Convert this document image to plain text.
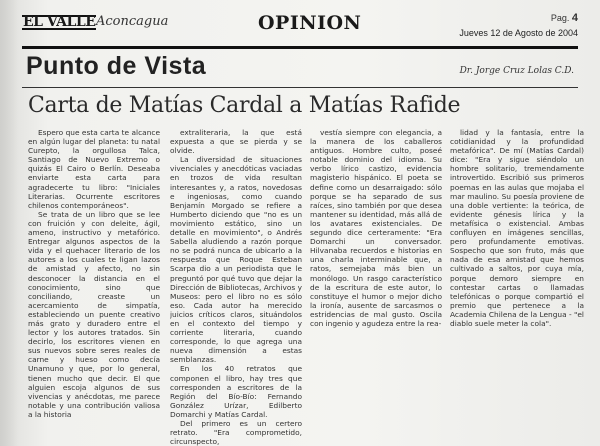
EL VALLE Aconcagua	OPINION	Pag. 4
Jueves 12 de Agosto de 2004
Punto de Vista	Dr. Jorge Cruz Lolas C.D.
Carta de Matías Cardal a Matías Rafide

Espero que esta carta te alcance en algún lugar del planeta: tu natal Curepto, la orgullosa Talca, Santiago de Nuevo Extremo o quizás El Cairo o Berlín. Deseaba enviarte esta carta para agradecerte tu libro: "Iniciales Literarias. Ocurrente escritores chilenos contemporáneos".

Se trata de un libro que se lee con fruición y con deleite, ágil, ameno, instructivo y metafórico. Entregar algunos aspectos de la vida y el quehacer literario de los autores a los cuales te ligan lazos de amistad y afecto, no sin desconocer la distancia en el conocimiento, sino que conciliando, creaste un acercamiento de simpatía, estableciendo un puente creativo más grato y duradero entre el lector y los autores tratados. Sin decirlo, los escritores vienen en sus nuevos sobre seres reales de carne y hueso como decía Unamuno y que, por lo general, tienen mucho que decir. El que alguien escoja algunos de sus vivencias y anécdotas, me parece notable y una contribución valiosa a la historia

extraliteraria, la que está expuesta a que se pierda y se olvide.

La diversidad de situaciones vivenciales y anecdóticas vaciadas en trozos de vida resultan interesantes y, a ratos, novedosas e ingeniosas, como cuando Benjamín Morgado se refiere a Humberto diciendo que "no es un movimiento estático, sino un detalle en movimiento", o Andrés Sabella aludiendo a razón porque no se podrá nunca de ubicarlo a la respuesta que Roque Esteban Scarpa dio a un periodista que le preguntó por qué tuvo que dejar la Dirección de Bibliotecas, Archivos y Museos: pero el libro no es sólo eso. Cada autor ha merecido juicios críticos claros, situándolos en el contexto del tiempo y corriente literaria, cuando corresponde, lo que agrega una nueva dimensión a estas semblanzas.

En los 40 retratos que componen el libro, hay tres que corresponden a escritores de la Región del Bío-Bío: Fernando González Urízar, Edilberto Domarchi y Matías Cardal.

Del primero es un certero retrato. "Era comprometido, circunspecto,

vestía siempre con elegancia, a la manera de los caballeros antiguos. Hombre culto, poseé notable dominio del idioma. Su verbo lírico castizo, evidencia magisterio hispánico. El poeta se define como un desarraigado: sólo porque se ha separado de sus raíces, sino también por que desea mantener su identidad, más allá de los avatares existenciales. De segundo dice certeramente: "Era Domarchi un conversador. Hilvanaba recuerdos e historias en una charla interminable que, a ratos, semejaba más bien un monólogo. Un rasgo característico de la escritura de este autor, lo constituye el humor o mejor dicho la ironía, ausente de sarcasmos o estridencias de mal gusto. Oscila con ingenio y agudeza entre la rea-

lidad y la fantasía, entre la cotidianidad y la profundidad metafórica". De mí (Matías Cardal) dice: "Era y sigue siéndolo un hombre solitario, tremendamente introvertido. Escribió sus primeros poemas en las aulas que mojaba el mar maulino. Su poesía proviene de una doble vertiente: la teórica, de evidente génesis lírica y la metafísica o existencial. Ambas confluyen en imágenes sencillas, pero profundamente emotivas. Sospecho que son fruto, más que nada de esa amistad que hemos cultivado a saltos, por cuya mía, porque demoro siempre en contestar cartas o llamadas telefónicas o porque compartió el premio que pertenece a la Academia Chilena de la Lengua - "el diablo suele meter la cola".
